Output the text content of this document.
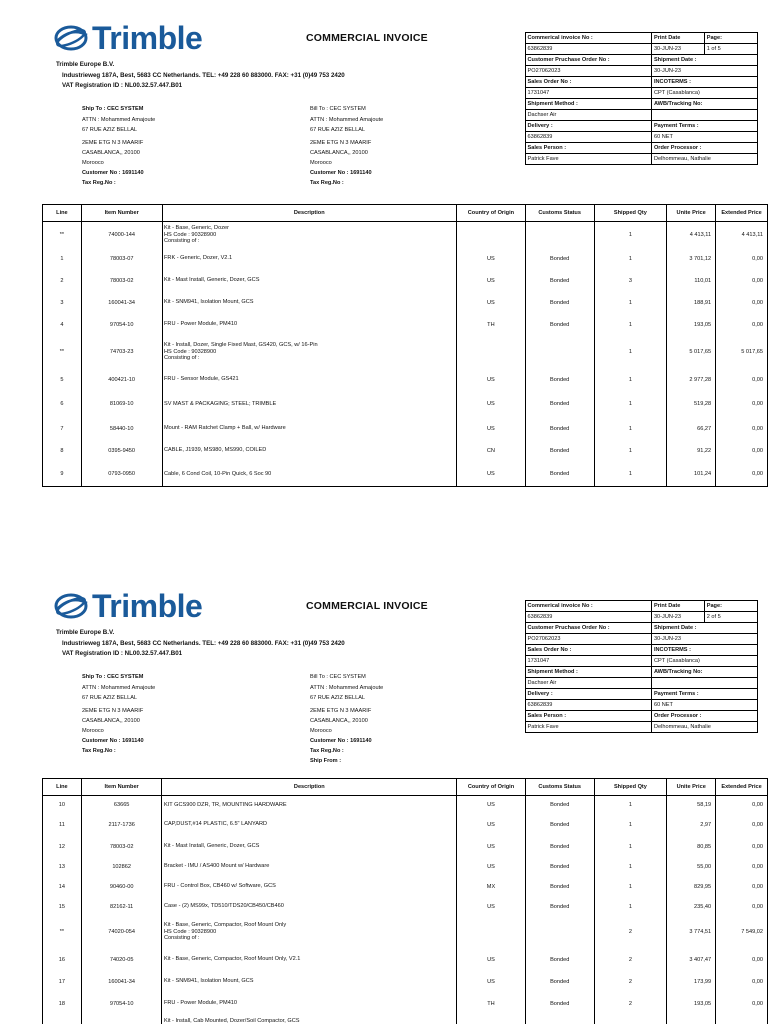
Trimble	COMMERCIAL INVOICE
Trimble Europe B.V.
Industrieweg 187A, Best, 5683 CC Netherlands. TEL: +49 228 60 883000. FAX: +31 (0)49 753 2420
VAT Registration ID : NL00.32.57.447.B01
Commerical invoice No :	Print Date	Page:
63862839	30-JUN-23	1 of 5
Customer Pruchase Order No :	Shipment Date :
PO27062023	30-JUN-23
Sales Order No :	INCOTERMS :
1731047	CPT (Casablanca)
Shipment Method :	AWB/Tracking No:
Dachser Air
Delivery :	Payment Terms :
63862839	60 NET
Sales Person :	Order Processor :
Patrick Fave	Delhommeau, Nathalie
Ship To : CEC SYSTEM
ATTN : Mohammed Amajoute
67 RUE AZIZ BELLAL
2EME ETG N 3 MAARIF
CASABLANCA,, 20100
Morooco
Customer No : 1691140
Tax Reg.No :
Bill To : CEC SYSTEM
ATTN : Mohammed Amajoute
67 RUE AZIZ BELLAL
2EME ETG N 3 MAARIF
CASABLANCA,, 20100
Morooco
Customer No : 1691140
Tax Reg.No :
Line	Item Number	Description	Country of Origin	Customs Status	Shipped Qty	Unite Price	Extended Price
**	74000-144	Kit - Base, Generic, Dozer
HS Code : 90328900
Consisting of :			1	4 413,11	4 413,11
1	78003-07	FRK - Generic, Dozer, V2.1	US	Bonded	1	3 701,12	0,00
2	78003-02	Kit - Mast Install, Generic, Dozer, GCS	US	Bonded	3	110,01	0,00
3	160041-34	Kit - SNM941, Isolation Mount, GCS	US	Bonded	1	188,91	0,00
4	97054-10	FRU - Power Module, PM410	TH	Bonded	1	193,05	0,00
**	74703-23	Kit - Install, Dozer, Single Fixed Mast, GS420, GCS, w/ 16-Pin
HS Code : 90328900
Consisting of :			1	5 017,65	5 017,65
5	400421-10	FRU - Sensor Module, GS421	US	Bonded	1	2 977,28	0,00
6	81069-10	SV MAST & PACKAGING; STEEL; TRIMBLE	US	Bonded	1	519,28	0,00
7	58440-10	Mount - RAM Ratchet Clamp + Ball, w/ Hardware	US	Bonded	1	66,27	0,00
8	0395-9450	CABLE, J1939, MS980, MS990, COILED	CN	Bonded	1	91,22	0,00
9	0793-0950	Cable, 6 Cond Coil, 10-Pin Quick, 6 Soc 90	US	Bonded	1	101,24	0,00
Trimble	COMMERCIAL INVOICE
Trimble Europe B.V.
Industrieweg 187A, Best, 5683 CC Netherlands. TEL: +49 228 60 883000. FAX: +31 (0)49 753 2420
VAT Registration ID : NL00.32.57.447.B01
Commerical invoice No :	Print Date	Page:
63862839	30-JUN-23	2 of 5
Customer Pruchase Order No :	Shipment Date :
PO27062023	30-JUN-23
Sales Order No :	INCOTERMS :
1731047	CPT (Casablanca)
Shipment Method :	AWB/Tracking No:
Dachser Air
Delivery :	Payment Terms :
63862839	60 NET
Sales Person :	Order Processor :
Patrick Fave	Delhommeau, Nathalie
Ship To : CEC SYSTEM
ATTN : Mohammed Amajoute
67 RUE AZIZ BELLAL
2EME ETG N 3 MAARIF
CASABLANCA,, 20100
Morooco
Customer No : 1691140
Tax Reg.No :
Bill To : CEC SYSTEM
ATTN : Mohammed Amajoute
67 RUE AZIZ BELLAL
2EME ETG N 3 MAARIF
CASABLANCA,, 20100
Morooco
Customer No : 1691140
Tax Reg.No :
Ship From :
Line	Item Number	Description	Country of Origin	Customs Status	Shipped Qty	Unite Price	Extended Price
10	63665	KIT GCS900 DZR, TR, MOUNTING HARDWARE	US	Bonded	1	58,19	0,00
11	2117-1736	CAP,DUST,#14 PLASTIC, 6.5" LANYARD	US	Bonded	1	2,97	0,00
12	78003-02	Kit - Mast Install, Generic, Dozer, GCS	US	Bonded	1	80,85	0,00
13	102862	Bracket - IMU / AS400 Mount w/ Hardware	US	Bonded	1	55,00	0,00
14	90460-00	FRU - Control Box, CB460 w/ Software, GCS	MX	Bonded	1	829,95	0,00
15	82162-11	Case - (2) MS99x, TD510/TDS20/CB450/CB460	US	Bonded	1	235,40	0,00
**	74020-054	Kit - Base, Generic, Compactor, Roof Mount Only
HS Code : 90328900
Consisting of :			2	3 774,51	7 549,02
16	74020-05	Kit - Base, Generic, Compactor, Roof Mount Only, V2.1	US	Bonded	2	3 407,47	0,00
17	160041-34	Kit - SNM941, Isolation Mount, GCS	US	Bonded	2	173,99	0,00
18	97054-10	FRU - Power Module, PM410	TH	Bonded	2	193,05	0,00

		Kit - Install, Cab Mounted, Dozer/Soil Compactor, GCS					
